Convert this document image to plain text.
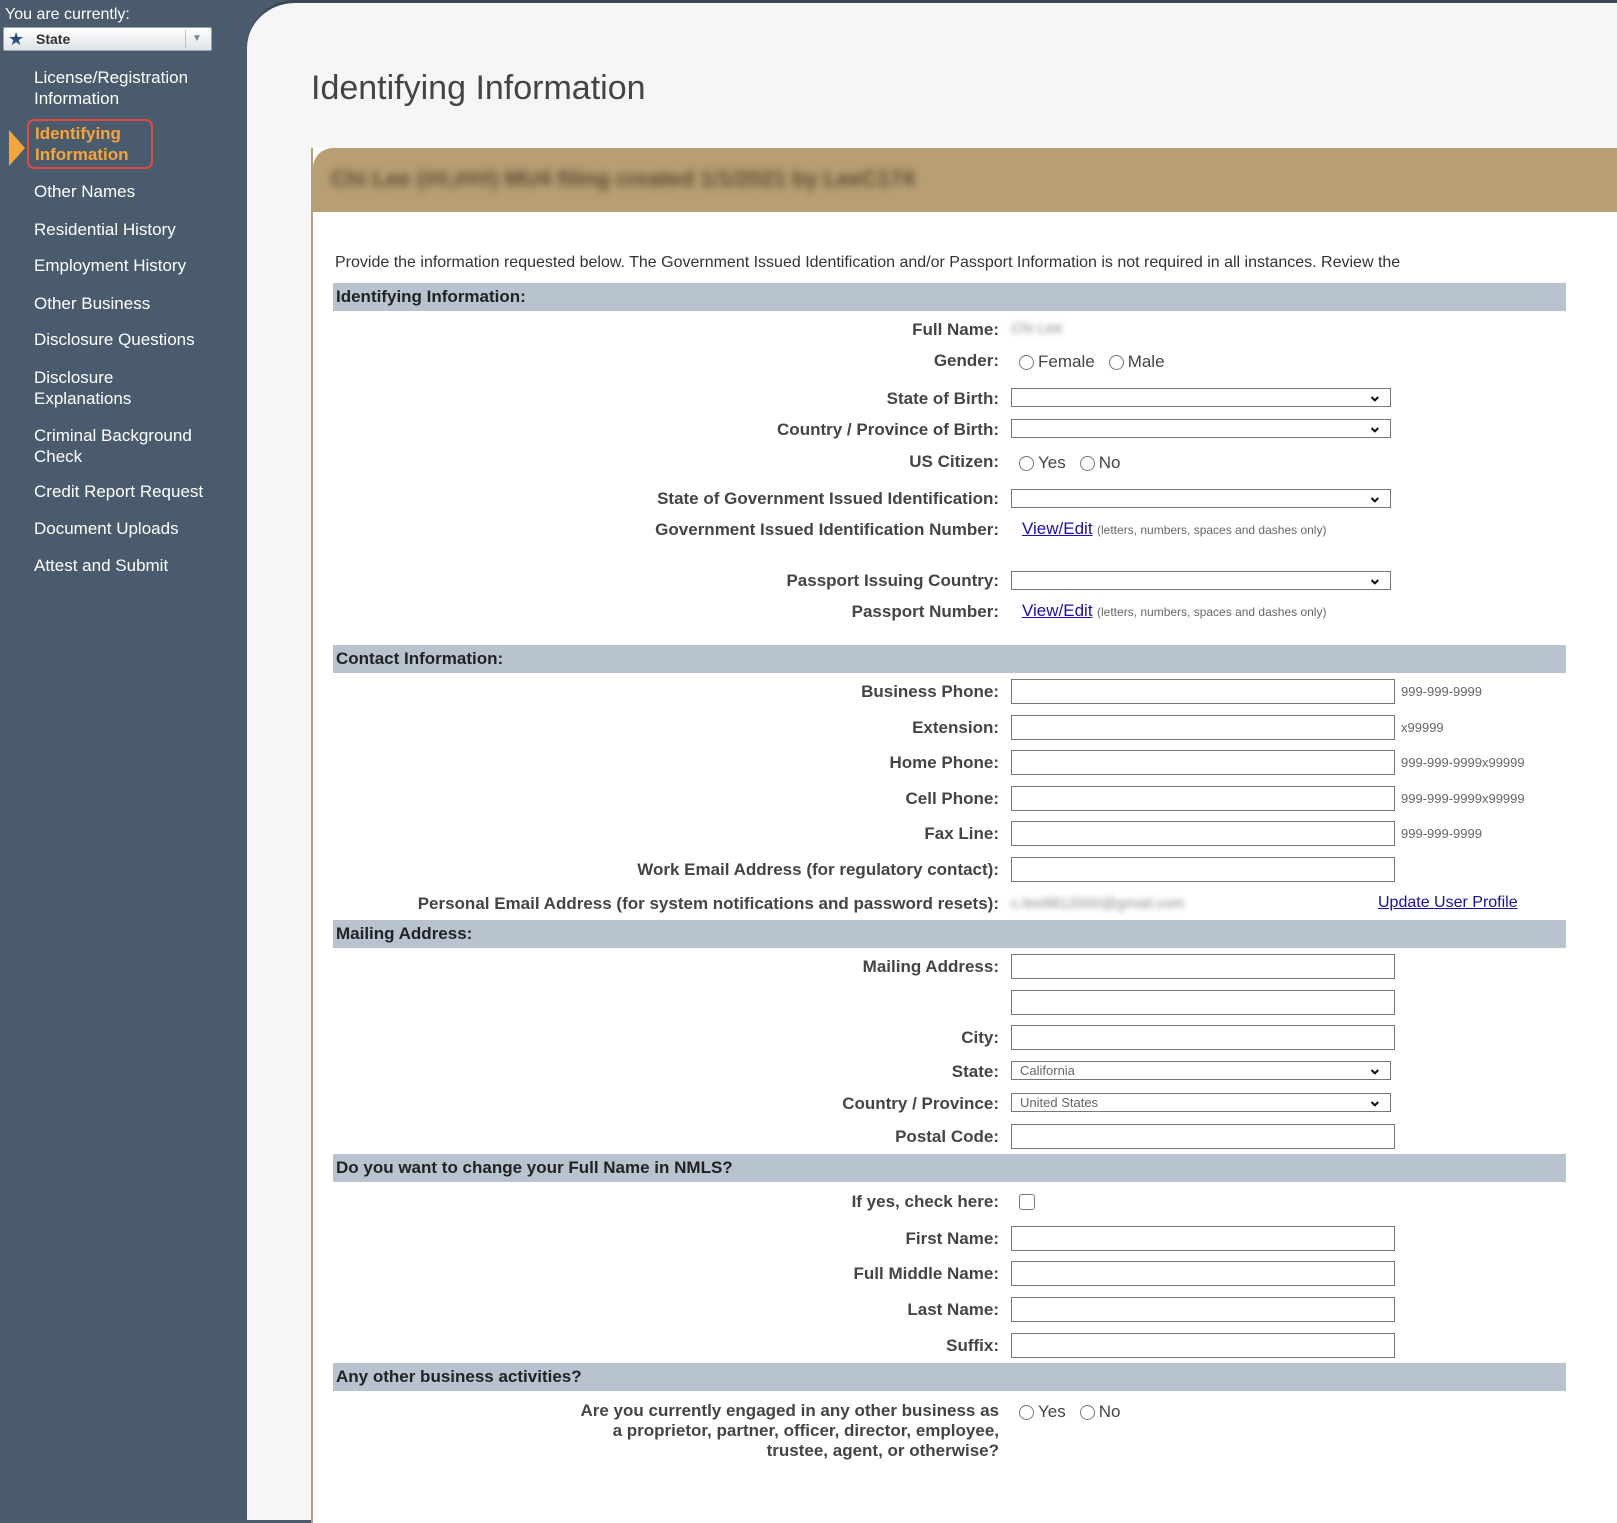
You are currently:
★ State	▼
License/Registration Information
Identifying Information
Other Names
Residential History
Employment History
Other Business
Disclosure Questions
Disclosure Explanations
Criminal Background Check
Credit Report Request
Document Uploads
Attest and Submit
Identifying Information
Chi Lee (##,###) MU4 filing created 1/1/2021 by LeeC174
Provide the information requested below. The Government Issued Identification and/or Passport Information is not required in all instances. Review the
Identifying Information:
Full Name: Chi Lee
Gender:	Female Male
State of Birth:	⌄
Country / Province of Birth:	⌄
US Citizen:	Yes No
State of Government Issued Identification:	⌄
Government Issued Identification Number: View/Edit (letters, numbers, spaces and dashes only)
Passport Issuing Country:	⌄
Passport Number: View/Edit (letters, numbers, spaces and dashes only)
Contact Information:
Business Phone:	999-999-9999
Extension:	x99999
Home Phone:	999-999-9999x99999
Cell Phone:	999-999-9999x99999
Fax Line:	999-999-9999
Work Email Address (for regulatory contact):
Personal Email Address (for system notifications and password resets): c.lee9812000@gmail.com	Update User Profile
Mailing Address:
Mailing Address:
City:
State: California	⌄
Country / Province: United States	⌄
Postal Code:
Do you want to change your Full Name in NMLS?
If yes, check here:
First Name:
Full Middle Name:
Last Name:
Suffix:
Any other business activities?
Are you currently engaged in any other business as
a proprietor, partner, officer, director, employee,
trustee, agent, or otherwise?
Yes No
